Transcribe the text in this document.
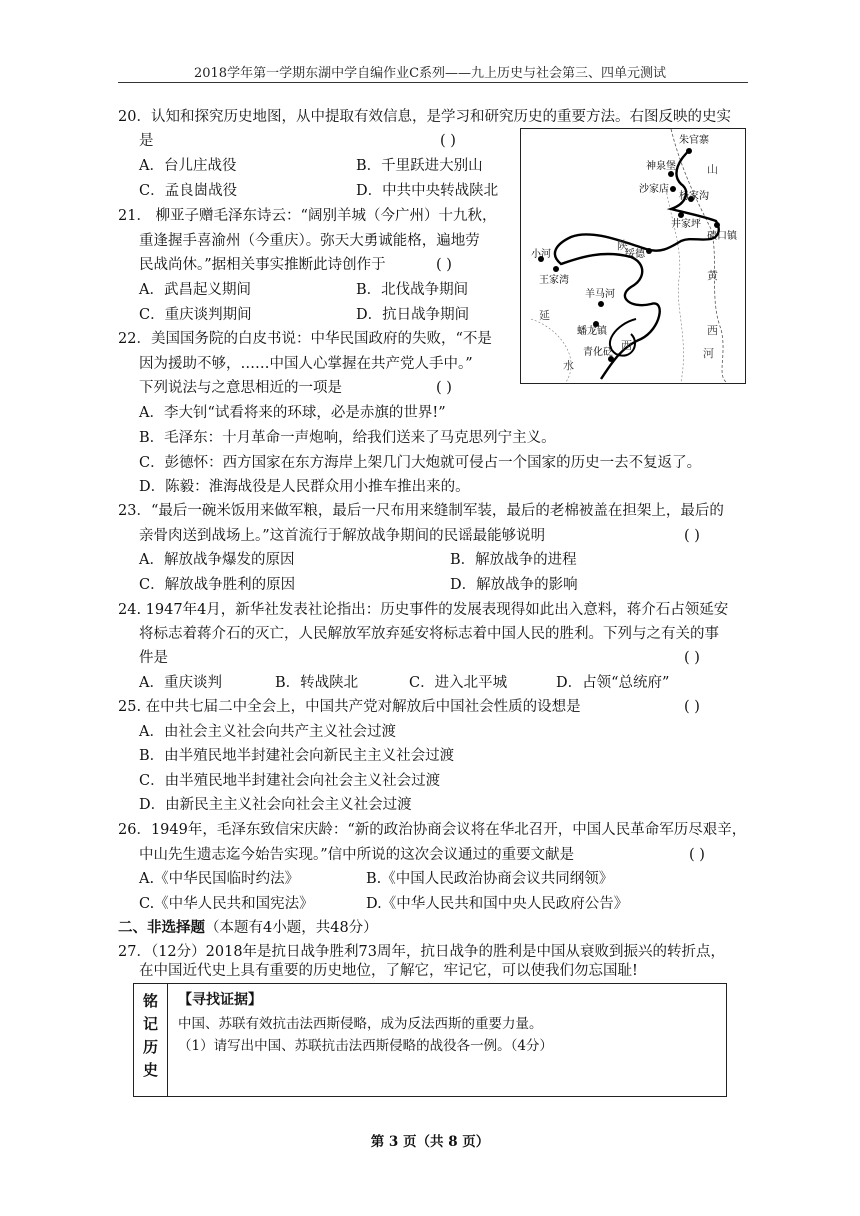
2018学年第一学期东湖中学自编作业C系列——九上历史与社会第三、四单元测试
20．认知和探究历史地图，从中提取有效信息，是学习和研究历史的重要方法。右图反映的史实
是	( )
A．台儿庄战役	B．千里跃进大别山
C．孟良崮战役	D．中共中央转战陕北
21． 柳亚子赠毛泽东诗云：“阔别羊城（今广州）十九秋，
重逢握手喜渝州（今重庆）。弥天大勇诚能格，遍地劳
民战尚休。”据相关事实推断此诗创作于	( )
A．武昌起义期间	B．北伐战争期间
C．重庆谈判期间	D．抗日战争期间
22．美国国务院的白皮书说：中华民国政府的失败，“不是
因为援助不够，……中国人心掌握在共产党人手中。”
下列说法与之意思相近的一项是	( )
A．李大钊“试看将来的环球，必是赤旗的世界!”
B．毛泽东：十月革命一声炮响，给我们送来了马克思列宁主义。
C．彭德怀：西方国家在东方海岸上架几门大炮就可侵占一个国家的历史一去不复返了。
D．陈毅：淮海战役是人民群众用小推车推出来的。
23．“最后一碗米饭用来做军粮，最后一尺布用来缝制军装，最后的老棉被盖在担架上，最后的
亲骨肉送到战场上。”这首流行于解放战争期间的民谣最能够说明	( )
A．解放战争爆发的原因	B．解放战争的进程
C．解放战争胜利的原因	D．解放战争的影响
24. 1947年4月，新华社发表社论指出：历史事件的发展表现得如此出入意料，蒋介石占领延安
将标志着蒋介石的灭亡，人民解放军放弃延安将标志着中国人民的胜利。下列与之有关的事
件是	( )
A．重庆谈判	B．转战陕北	C．进入北平城	D．占领“总统府”
25. 在中共七届二中全会上，中国共产党对解放后中国社会性质的设想是	( )
A．由社会主义社会向共产主义社会过渡
B．由半殖民地半封建社会向新民主主义社会过渡
C．由半殖民地半封建社会向社会主义社会过渡
D．由新民主主义社会向社会主义社会过渡
26．1949年，毛泽东致信宋庆龄：“新的政治协商会议将在华北召开，中国人民革命军历尽艰辛，
中山先生遗志迄今始告实现。”信中所说的这次会议通过的重要文献是	( )
A.《中华民国临时约法》	B.《中国人民政治协商会议共同纲领》
C.《中华人民共和国宪法》	D.《中华人民共和国中央人民政府公告》
二、非选择题（本题有4小题，共48分）
27．（12分）2018年是抗日战争胜利73周年，抗日战争的胜利是中国从衰败到振兴的转折点，
在中国近代史上具有重要的历史地位，了解它，牢记它，可以使我们勿忘国耻!
铭
记
历
史
【寻找证据】
中国、苏联有效抗击法西斯侵略，成为反法西斯的重要力量。
（1）请写出中国、苏联抗击法西斯侵略的战役各一例。（4分）
朱官寨
神泉堡
沙家店
杨家沟
井家坪
碛口镇
绥德
小河
王家湾
羊马河
蟠龙镇
青化砭
山
陕
延
西
西
河
水
黄
第 3 页（共 8 页）
